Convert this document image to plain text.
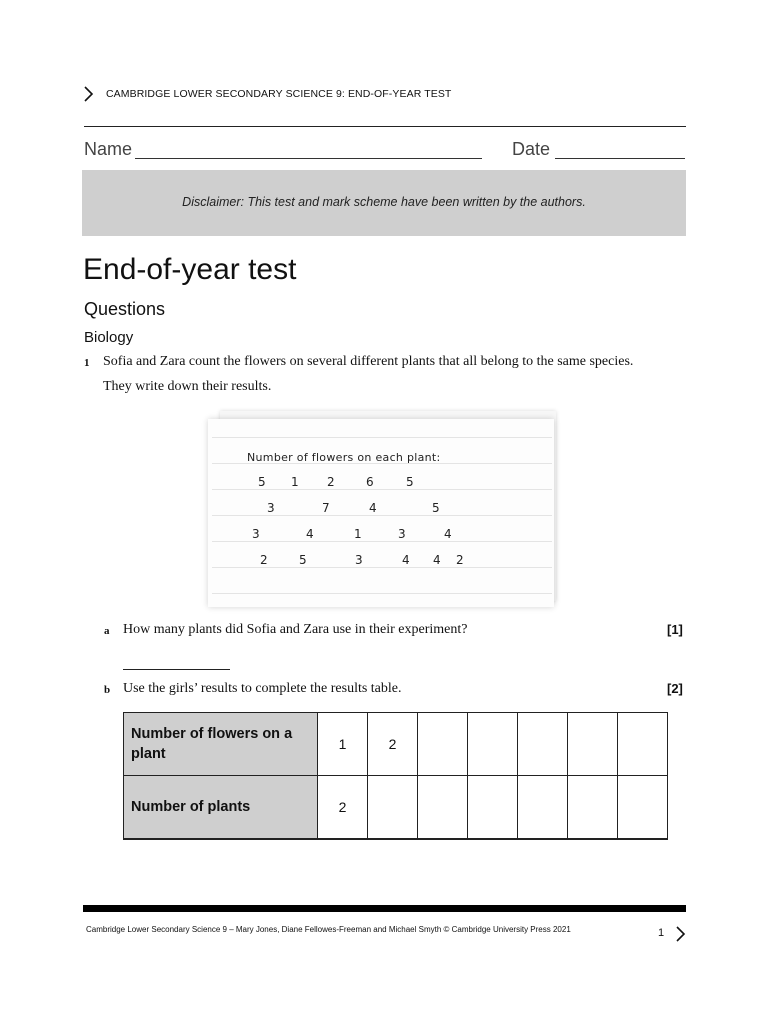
CAMBRIDGE LOWER SECONDARY SCIENCE 9: END-OF-YEAR TEST
Name	Date
Disclaimer: This test and mark scheme have been written by the authors.
End-of-year test
Questions
Biology
1 Sofia and Zara count the flowers on several different plants that all belong to the same species.
They write down their results.
Number of flowers on each plant:
5 1 2	6	5
3	7	4	5
3	4	1	3	4
2	5	3	4 4 2
a How many plants did Sofia and Zara use in their experiment?	[1]
b Use the girls’ results to complete the results table.	[2]
Number of flowers on a plant	1	2					
Number of plants	2						
Cambridge Lower Secondary Science 9 – Mary Jones, Diane Fellowes-Freeman and Michael Smyth © Cambridge University Press 2021	1
